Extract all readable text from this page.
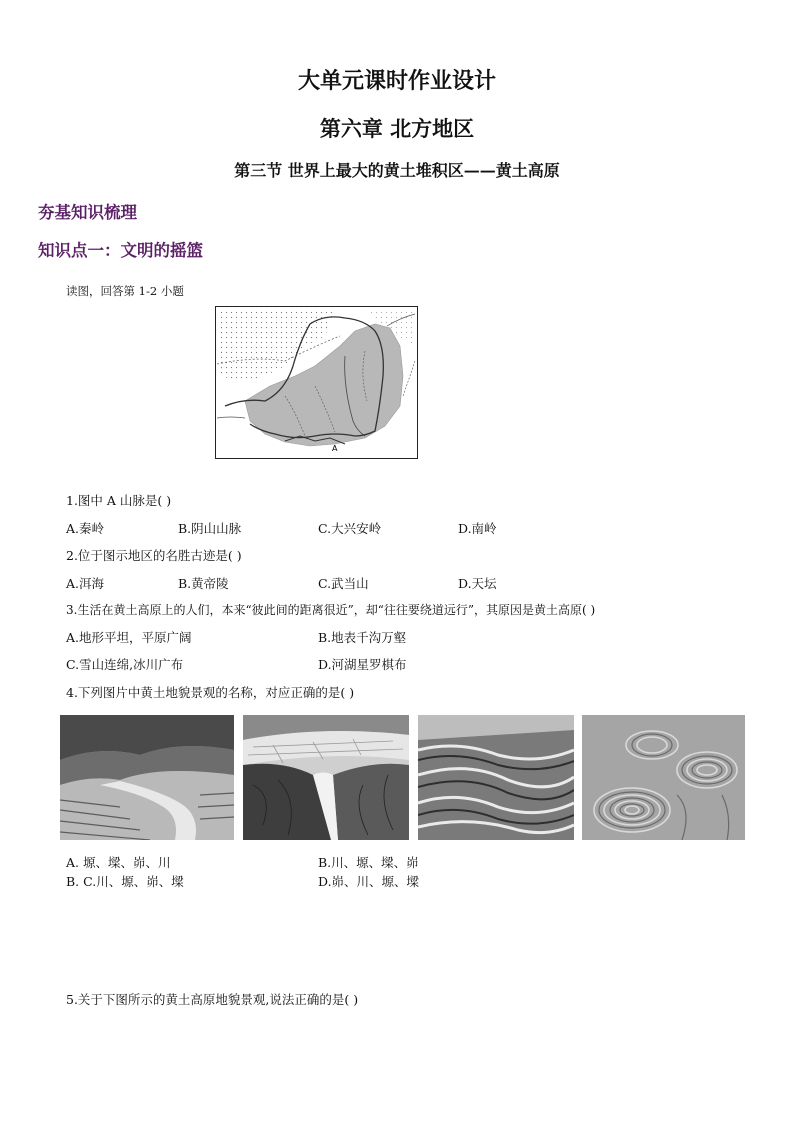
大单元课时作业设计
第六章 北方地区
第三节 世界上最大的黄土堆积区——黄土高原
夯基知识梳理
知识点一：文明的摇篮
读图，回答第 1-2 小题
A
1.图中 A 山脉是( )
A.秦岭	B.阴山山脉	C.大兴安岭	D.南岭
2.位于图示地区的名胜古迹是( )
A.洱海	B.黄帝陵	C.武当山	D.天坛
3.生活在黄土高原上的人们，本来“彼此间的距离很近”，却“往往要绕道远行”，其原因是黄土高原( )
A.地形平坦，平原广阔	B.地表千沟万壑
C.雪山连绵,冰川广布	D.河湖星罗棋布
4.下列图片中黄土地貌景观的名称，对应正确的是( )
A. 塬、墚、峁、川	B.川、塬、墚、峁
B. C.川、塬、峁、墚	D.峁、川、塬、墚
5.关于下图所示的黄土高原地貌景观,说法正确的是( )
